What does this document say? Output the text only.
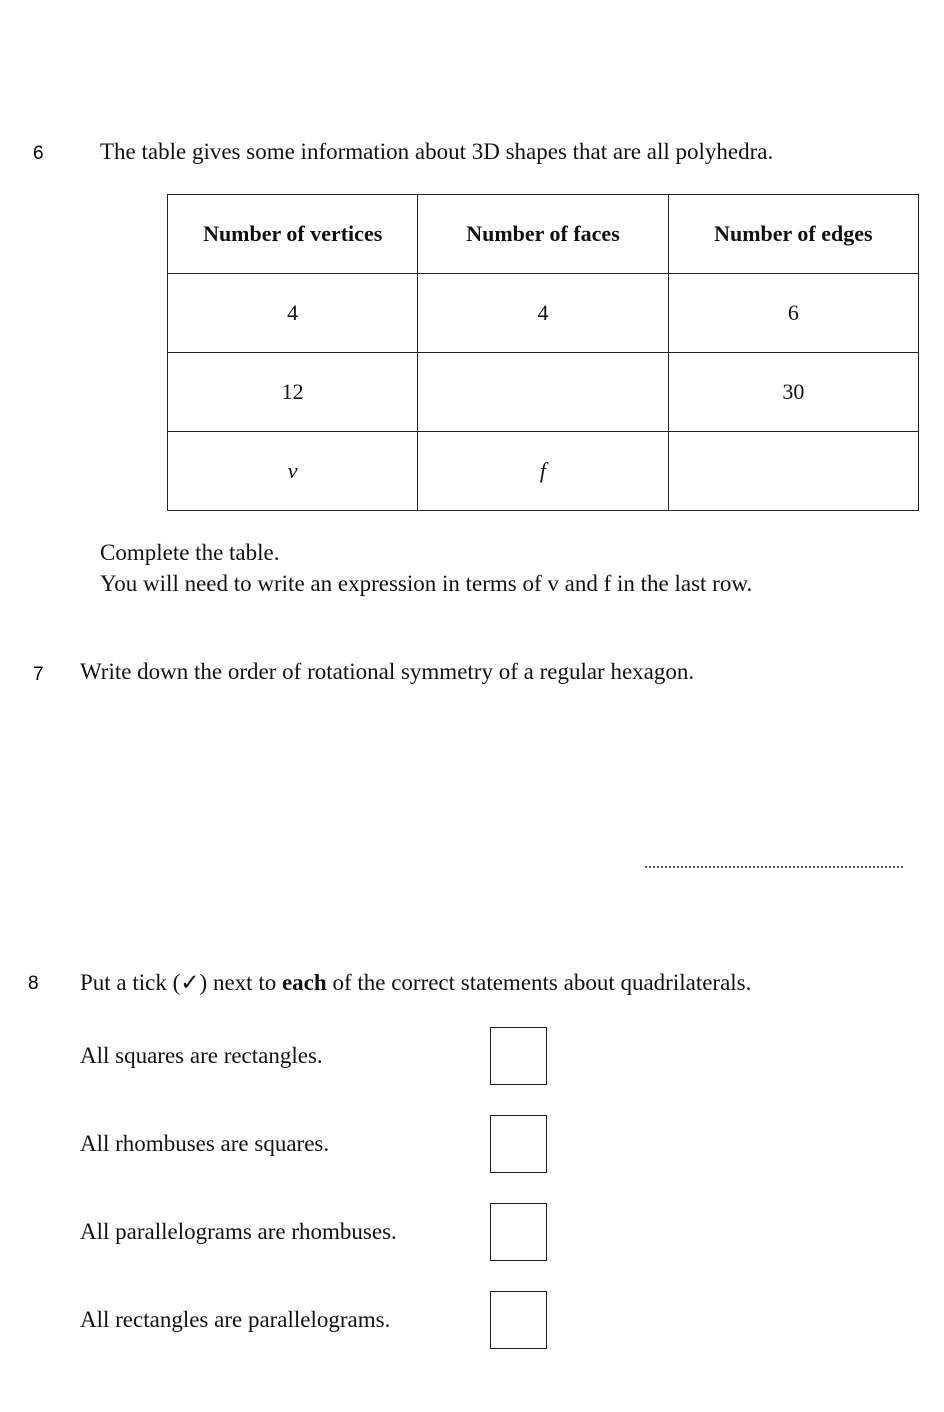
6 The table gives some information about 3D shapes that are all polyhedra.
Number of vertices	Number of faces	Number of edges
4	4	6
12		30
v	f	
Complete the table.
You will need to write an expression in terms of v and f in the last row.
7 Write down the order of rotational symmetry of a regular hexagon.
8 Put a tick (✓) next to each of the correct statements about quadrilaterals.
All squares are rectangles.
All rhombuses are squares.
All parallelograms are rhombuses.
All rectangles are parallelograms.
